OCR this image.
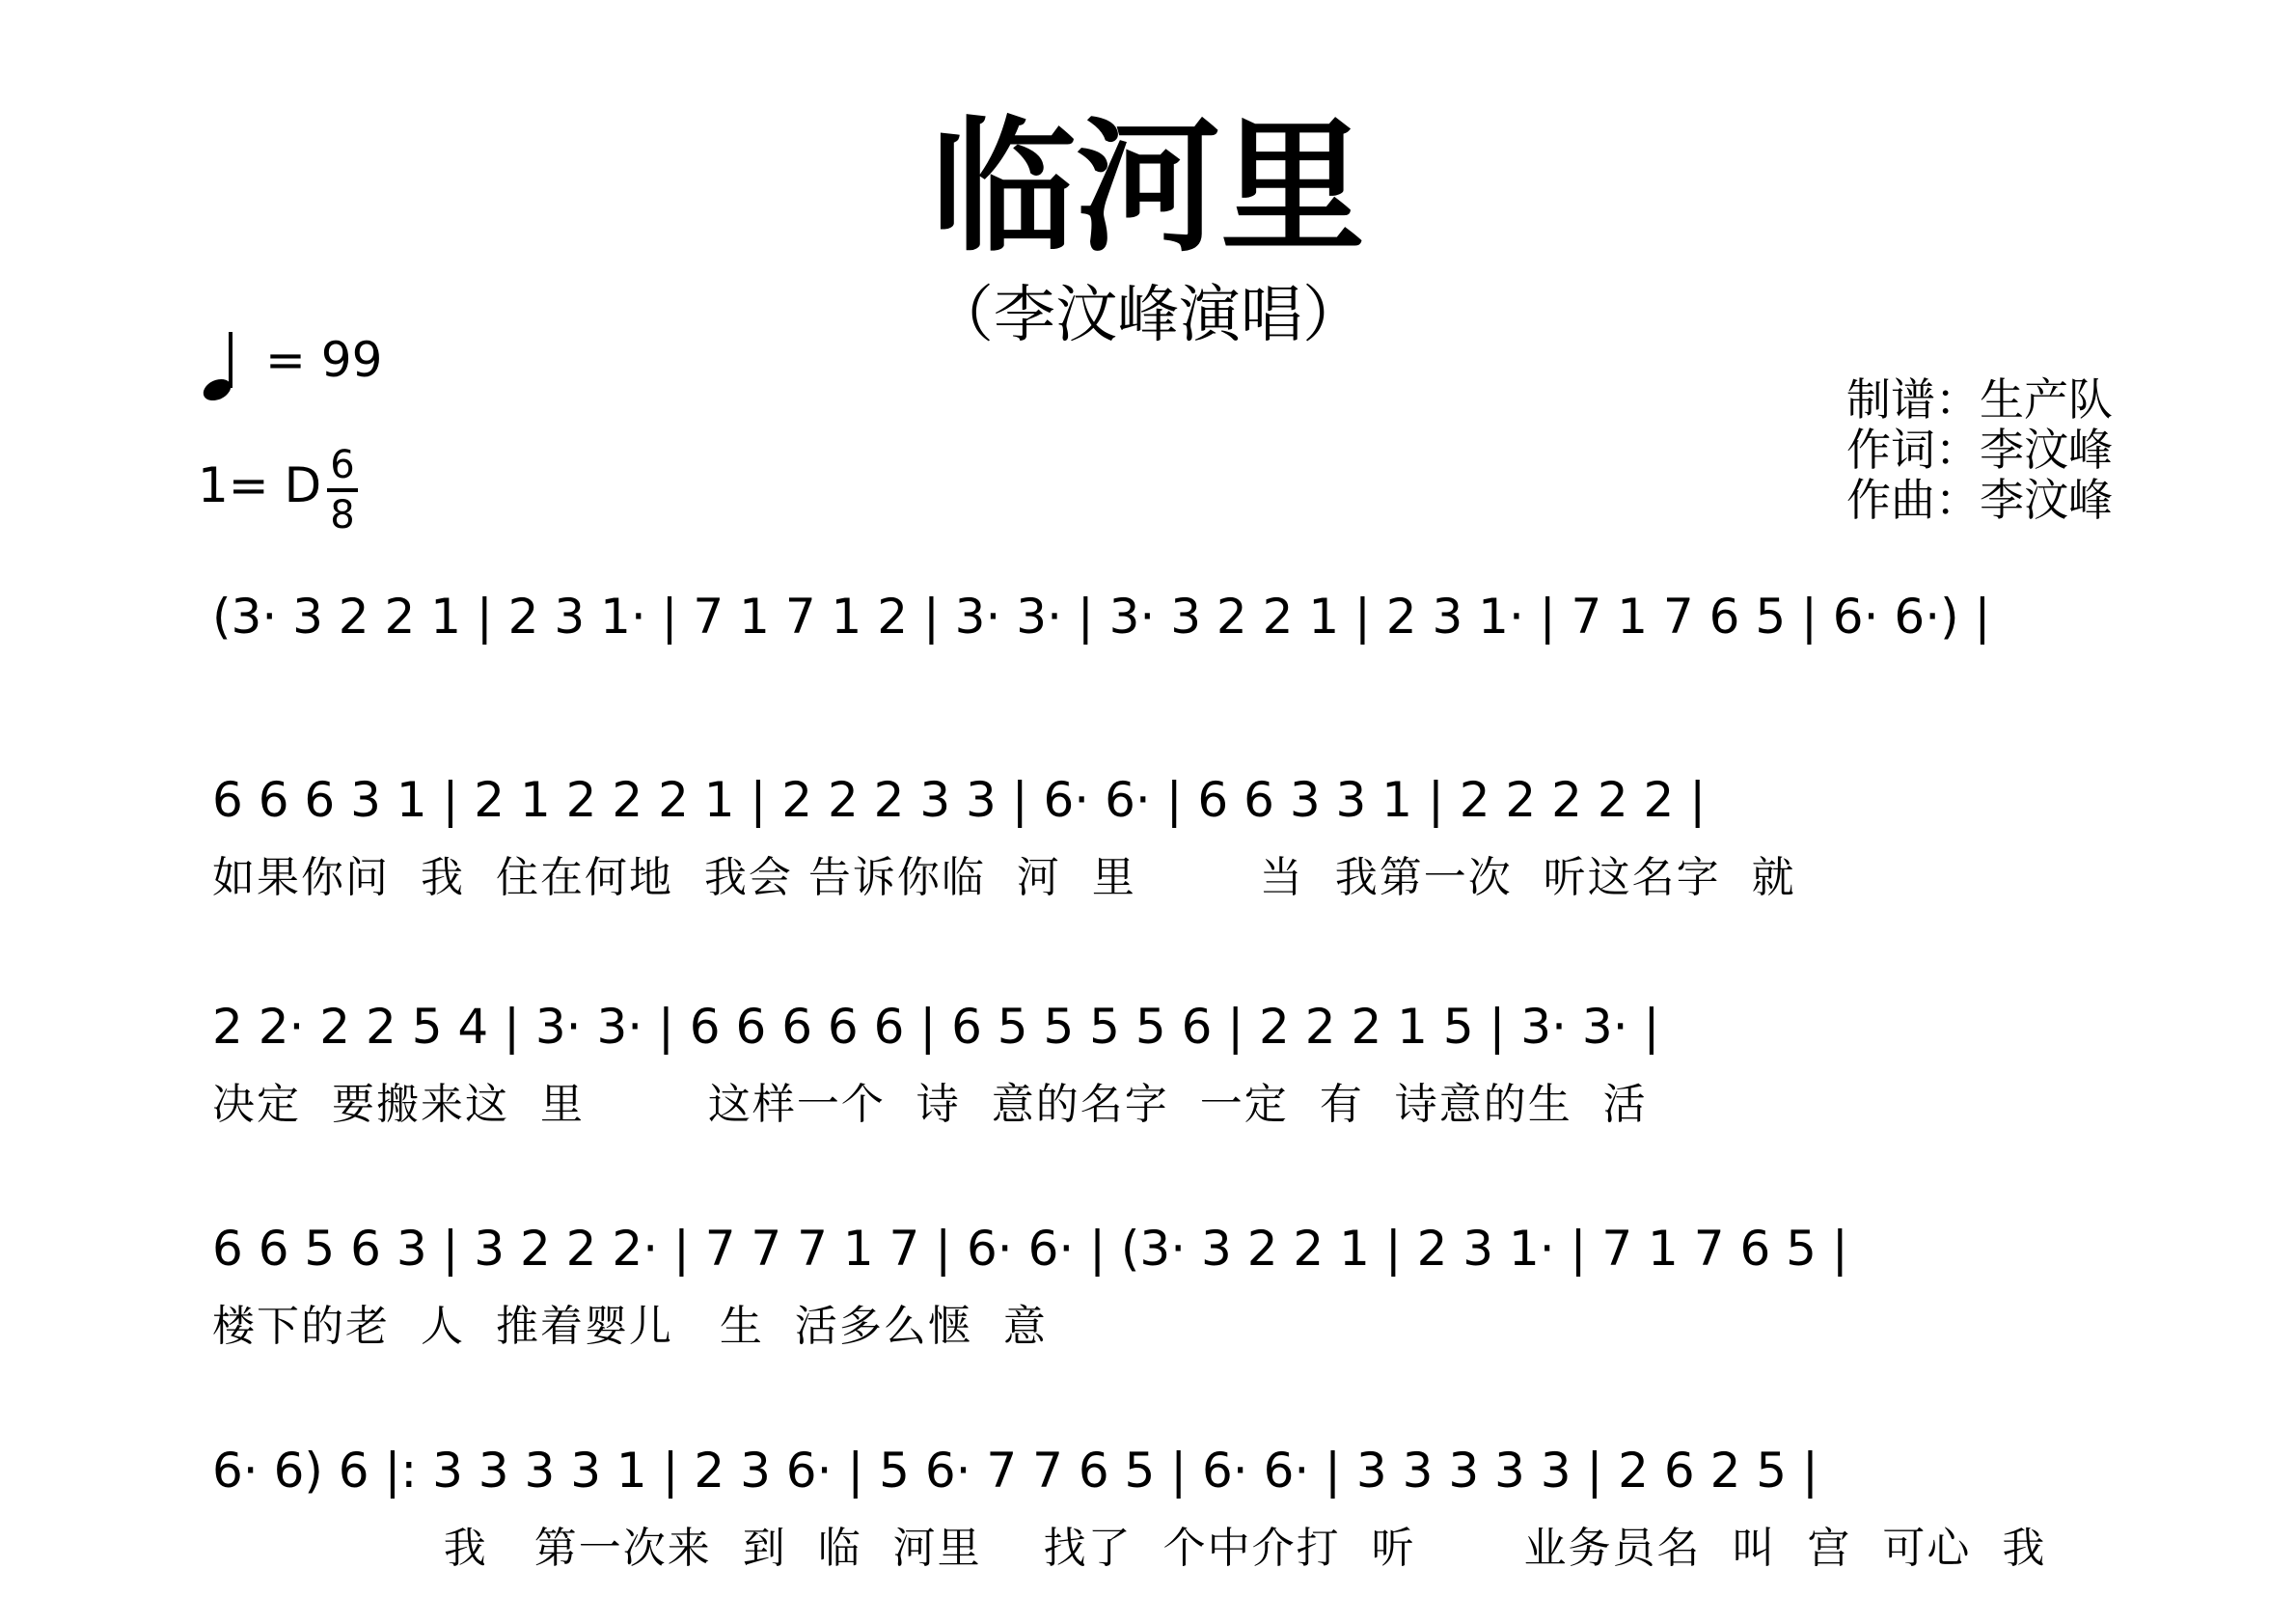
临河里
（李汶峰演唱）
= 99
1= D 6
8
制谱：生产队
作词：李汶峰
作曲：李汶峰
(3· 3 2 2 1 | 2 3 1· | 7 1 7 1 2 | 3· 3· | 3· 3 2 2 1 | 2 3 1· | 7 1 7 6 5 | 6· 6·) |
6 6 6 3 1 | 2 1 2 2 2 1 | 2 2 2 3 3 | 6· 6· | 6 6 3 3 1 | 2 2 2 2 2 |
如果你问  我  住在何地  我会 告诉你临  河  里        当  我第一次  听这名字  就
2 2· 2 2 5 4 | 3· 3· | 6 6 6 6 6 | 6 5 5 5 5 6 | 2 2 2 1 5 | 3· 3· |
决定  要搬来这  里        这样一个  诗  意的名字  一定  有  诗意的生  活
6 6 5 6 3 | 3 2 2 2· | 7 7 7 1 7 | 6· 6· | (3· 3 2 2 1 | 2 3 1· | 7 1 7 6 5 |
楼下的老  人  推着婴儿   生  活多么惬  意
6· 6) 6 |: 3 3 3 3 1 | 2 3 6· | 5 6· 7 7 6 5 | 6· 6· | 3 3 3 3 3 | 2 6 2 5 |
我   第一次来  到  临  河里    找了  个中介打  听       业务员名  叫  宫  可心  我
